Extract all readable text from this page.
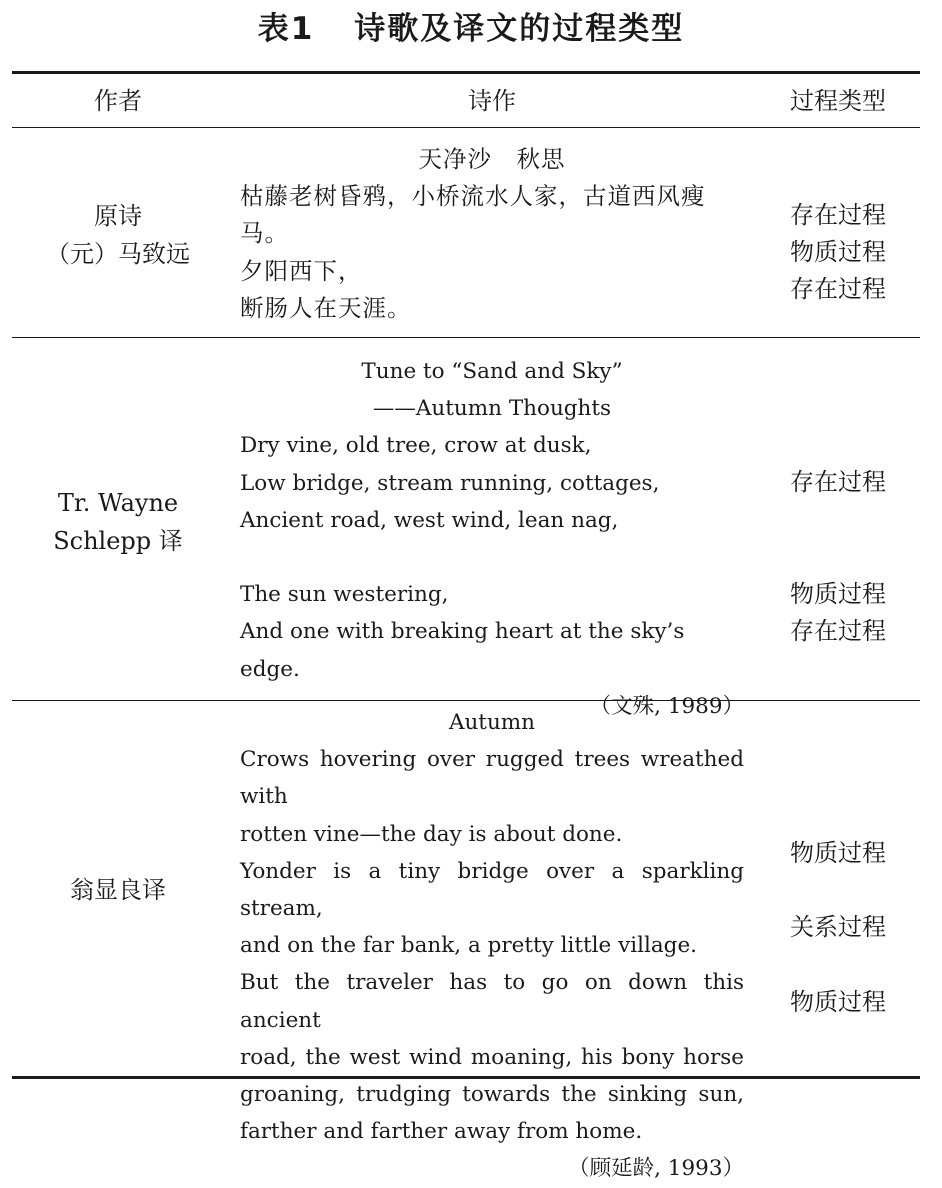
表1 诗歌及译文的过程类型
作者	诗作	过程类型
原诗
（元）马致远
天净沙　秋思
枯藤老树昏鸦，小桥流水人家，古道西风瘦
马。
夕阳西下，
断肠人在天涯。
存在过程
物质过程
存在过程
Tr. Wayne
Schlepp 译
Tune to “Sand and Sky”
——Autumn Thoughts
Dry vine, old tree, crow at dusk,
Low bridge, stream running, cottages,
Ancient road, west wind, lean nag,
The sun westering,
And one with breaking heart at the sky’s edge.
（文殊, 1989）
存在过程
物质过程
存在过程
翁显良译
Autumn
Crows hovering over rugged trees wreathed with
rotten vine—the day is about done.
Yonder is a tiny bridge over a sparkling stream,
and on the far bank, a pretty little village.
But the traveler has to go on down this ancient
road, the west wind moaning, his bony horse
groaning, trudging towards the sinking sun,
farther and farther away from home.
（顾延龄, 1993）
物质过程
关系过程
物质过程
